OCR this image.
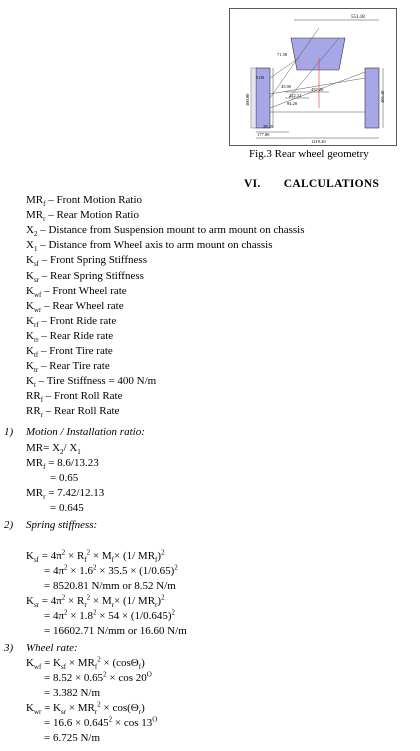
551.18
71.58
5.00
45.00
457.20
222.12
84.20
28.20
177.80
1219.20
406.40
300.00
Fig.3 Rear wheel geometry
VI. CALCULATIONS
$MR_f$ – Front Motion Ratio
$MR_r$ – Rear Motion Ratio
$X_2$ – Distance from Suspension mount to arm mount on chassis
$X_1$ – Distance from Wheel axis to arm mount on chassis
$K_{sf}$ – Front Spring Stiffness
$K_{sr}$ – Rear Spring Stiffness
$K_{wf}$ – Front Wheel rate
$K_{wr}$ – Rear Wheel rate
$K_{rf}$ – Front Ride rate
$K_{rr}$ – Rear Ride rate
$K_{tf}$ – Front Tire rate
$K_{tr}$ – Rear Tire rate
$K_t$ – Tire Stiffness = 400 N/m
$RR_f$ – Front Roll Rate
$RR_r$ – Rear Roll Rate
1) Motion / Installation ratio:
$MR= X_2/$ $X_1$
$MR_f = 8.6/13.23$
= 0.65
$MR_r = 7.42/12.13$
= 0.645
2) Spring stiffness:
$K_{sf} = 4\pi^2 \times R_f^2 \times M_f\times (1/$ $MR_f)^2$
= $4\pi^2 \times 1.6^2 \times 35.5 \times (1/0.65)^2$
= 8520.81 N/mm or 8.52 N/m
$K_{sr} = 4\pi^2 \times R_r^2 \times M_r\times (1/$ $MR_r)^2$
= $4\pi^2 \times 1.8^2 \times 54 \times (1/0.645)^2$
= 16602.71 N/mm or 16.60 N/m
3) Wheel rate:
$K_{wf} = K_{sf} \times MR_f^2 \times (\cos\Theta_f)$
= $8.52 \times 0.65^2 \times \cos 20^O$
= 3.382 N/m
$K_{wr} = K_{sr} \times MR_r^2 \times \cos(\Theta_r)$
= $16.6 \times 0.645^2 \times \cos 13^O$
= 6.725 N/m
